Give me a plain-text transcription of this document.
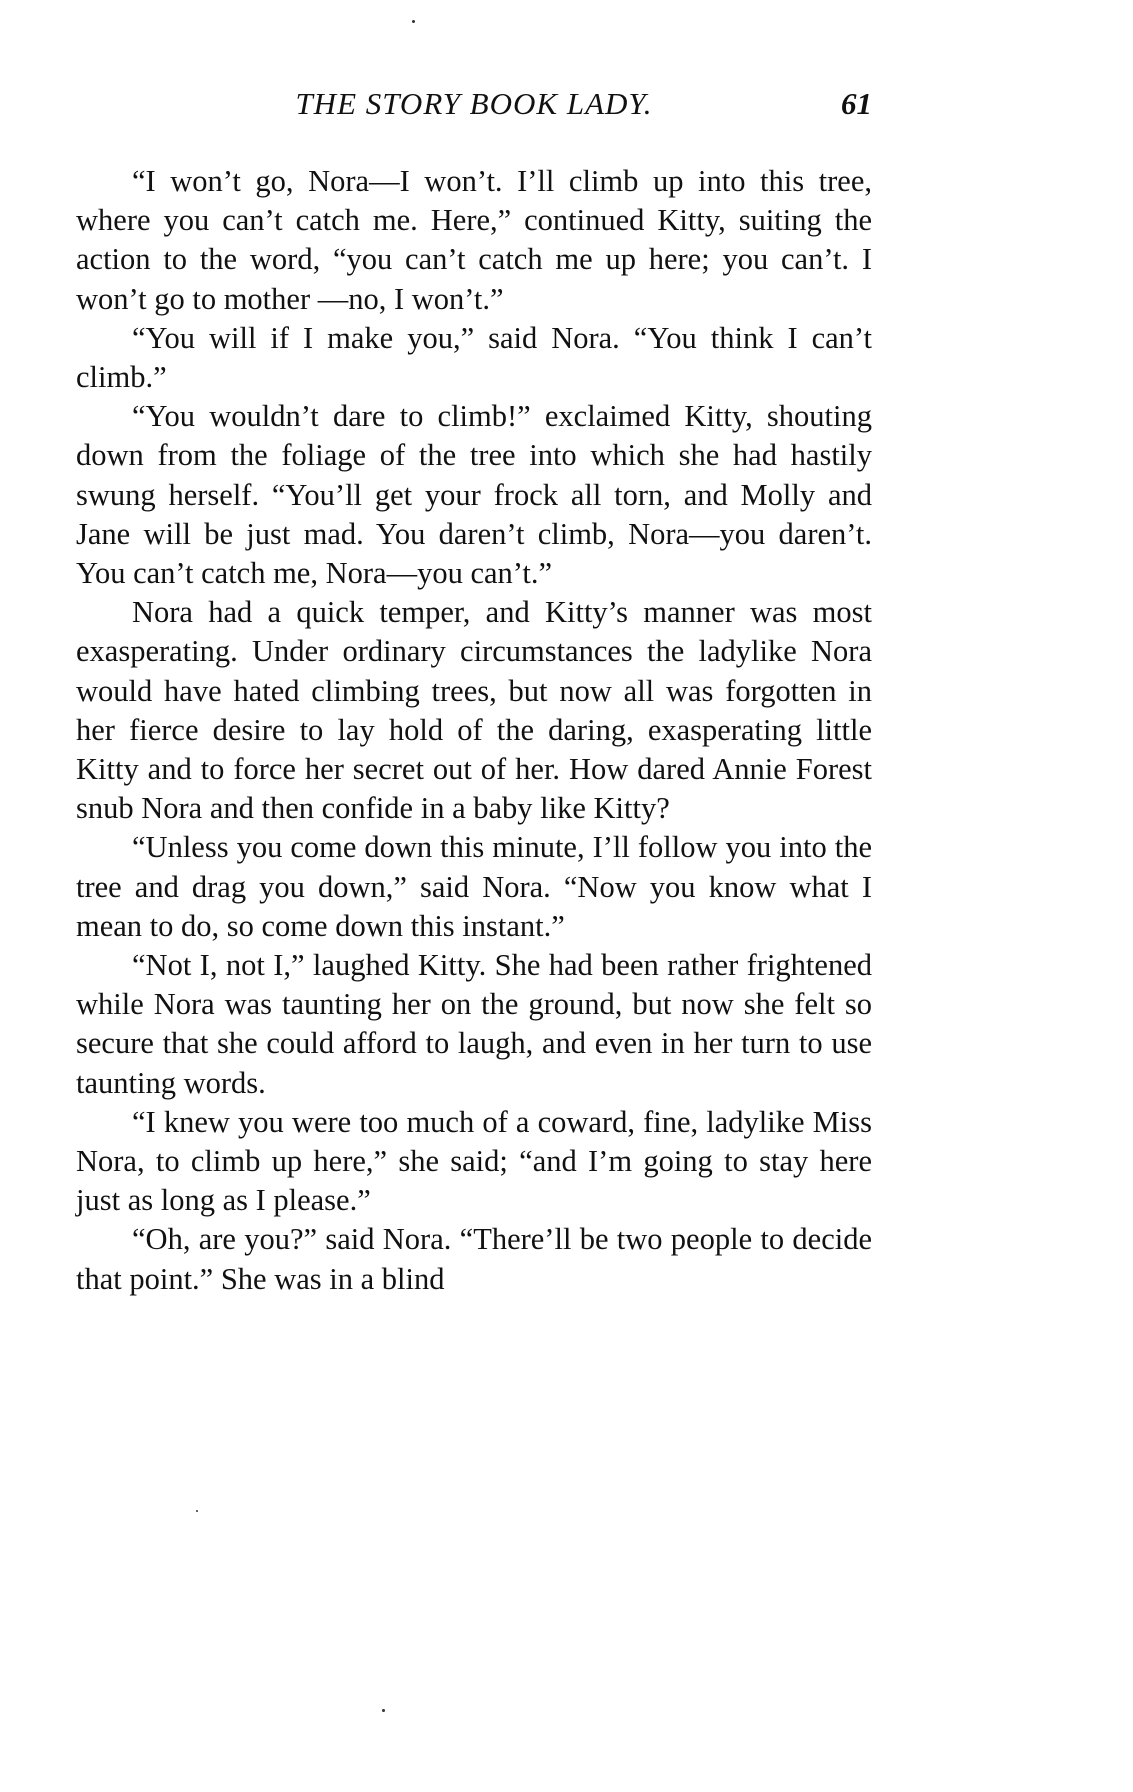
THE STORY BOOK LADY.	61

“I won’t go, Nora—I won’t. I’ll climb up into this tree, where you can’t catch me. Here,” continued Kitty, suiting the action to the word, “you can’t catch me up here; you can’t. I won’t go to mother —no, I won’t.”

“You will if I make you,” said Nora. “You think I can’t climb.”

“You wouldn’t dare to climb!” exclaimed Kitty, shouting down from the foliage of the tree into which she had hastily swung herself. “You’ll get your frock all torn, and Molly and Jane will be just mad. You daren’t climb, Nora—you daren’t. You can’t catch me, Nora—you can’t.”

Nora had a quick temper, and Kitty’s manner was most exasperating. Under ordinary circumstances the ladylike Nora would have hated climbing trees, but now all was forgotten in her fierce desire to lay hold of the daring, exasperating little Kitty and to force her secret out of her. How dared Annie Forest snub Nora and then confide in a baby like Kitty?

“Unless you come down this minute, I’ll follow you into the tree and drag you down,” said Nora. “Now you know what I mean to do, so come down this instant.”

“Not I, not I,” laughed Kitty. She had been rather frightened while Nora was taunting her on the ground, but now she felt so secure that she could afford to laugh, and even in her turn to use taunting words.

“I knew you were too much of a coward, fine, ladylike Miss Nora, to climb up here,” she said; “and I’m going to stay here just as long as I please.”

“Oh, are you?” said Nora. “There’ll be two people to decide that point.” She was in a blind
